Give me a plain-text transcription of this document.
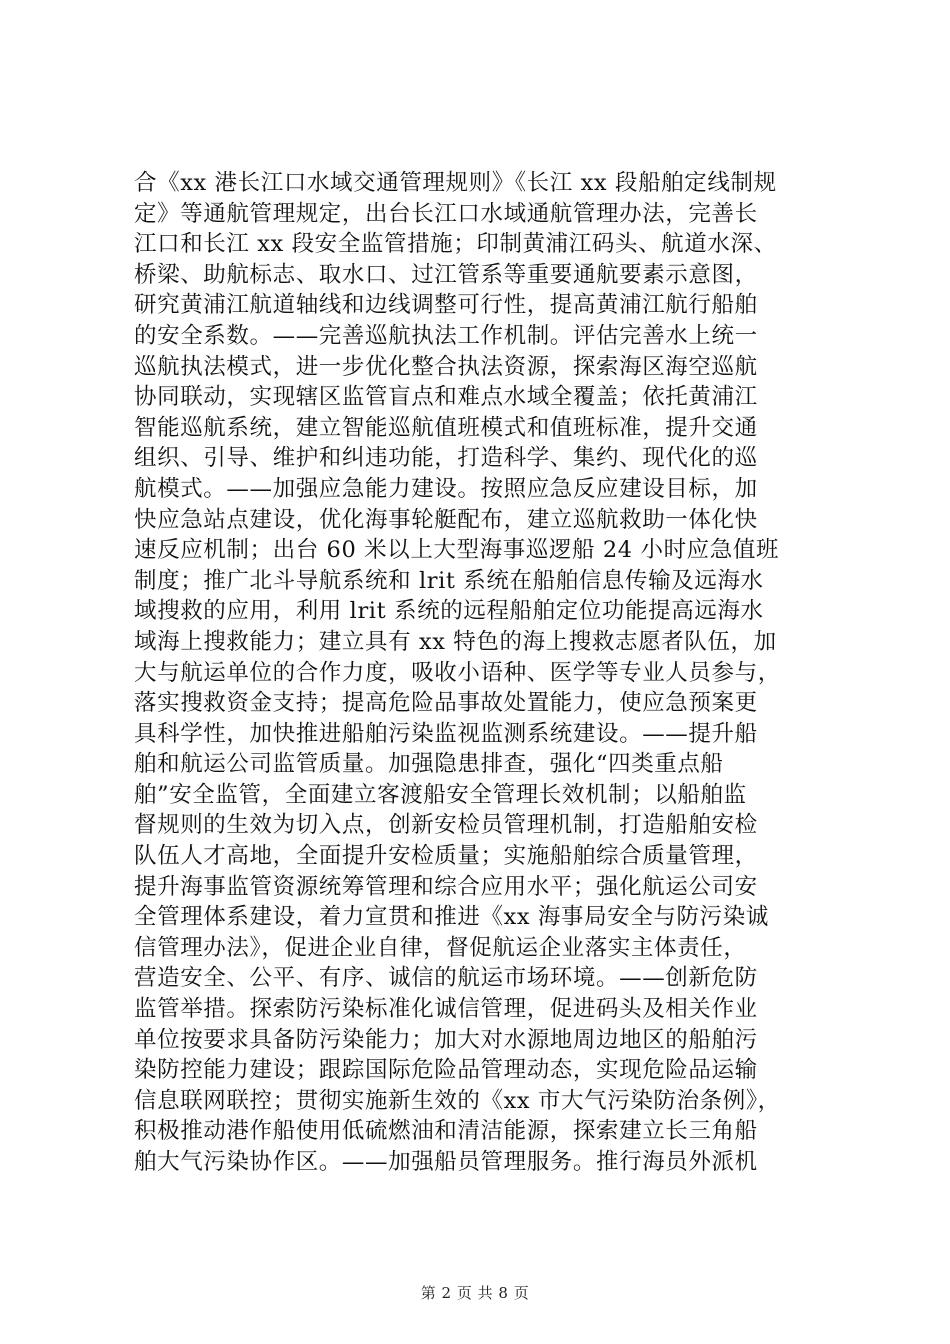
合《xx 港长江口水域交通管理规则》《长江 xx 段船舶定线制规
定》等通航管理规定，出台长江口水域通航管理办法，完善长
江口和长江 xx 段安全监管措施；印制黄浦江码头、航道水深、
桥梁、助航标志、取水口、过江管系等重要通航要素示意图，
研究黄浦江航道轴线和边线调整可行性，提高黄浦江航行船舶
的安全系数。——完善巡航执法工作机制。评估完善水上统一
巡航执法模式，进一步优化整合执法资源，探索海区海空巡航
协同联动，实现辖区监管盲点和难点水域全覆盖；依托黄浦江
智能巡航系统，建立智能巡航值班模式和值班标准，提升交通
组织、引导、维护和纠违功能，打造科学、集约、现代化的巡
航模式。——加强应急能力建设。按照应急反应建设目标，加
快应急站点建设，优化海事轮艇配布，建立巡航救助一体化快
速反应机制；出台 60 米以上大型海事巡逻船 24 小时应急值班
制度；推广北斗导航系统和 lrit 系统在船舶信息传输及远海水
域搜救的应用，利用 lrit 系统的远程船舶定位功能提高远海水
域海上搜救能力；建立具有 xx 特色的海上搜救志愿者队伍，加
大与航运单位的合作力度，吸收小语种、医学等专业人员参与，
落实搜救资金支持；提高危险品事故处置能力，使应急预案更
具科学性，加快推进船舶污染监视监测系统建设。——提升船
舶和航运公司监管质量。加强隐患排查，强化“四类重点船
舶”安全监管，全面建立客渡船安全管理长效机制；以船舶监
督规则的生效为切入点，创新安检员管理机制，打造船舶安检
队伍人才高地，全面提升安检质量；实施船舶综合质量管理，
提升海事监管资源统筹管理和综合应用水平；强化航运公司安
全管理体系建设，着力宣贯和推进《xx 海事局安全与防污染诚
信管理办法》，促进企业自律，督促航运企业落实主体责任，
营造安全、公平、有序、诚信的航运市场环境。——创新危防
监管举措。探索防污染标准化诚信管理，促进码头及相关作业
单位按要求具备防污染能力；加大对水源地周边地区的船舶污
染防控能力建设；跟踪国际危险品管理动态，实现危险品运输
信息联网联控；贯彻实施新生效的《xx 市大气污染防治条例》，
积极推动港作船使用低硫燃油和清洁能源，探索建立长三角船
舶大气污染协作区。——加强船员管理服务。推行海员外派机
第 2 页 共 8 页
